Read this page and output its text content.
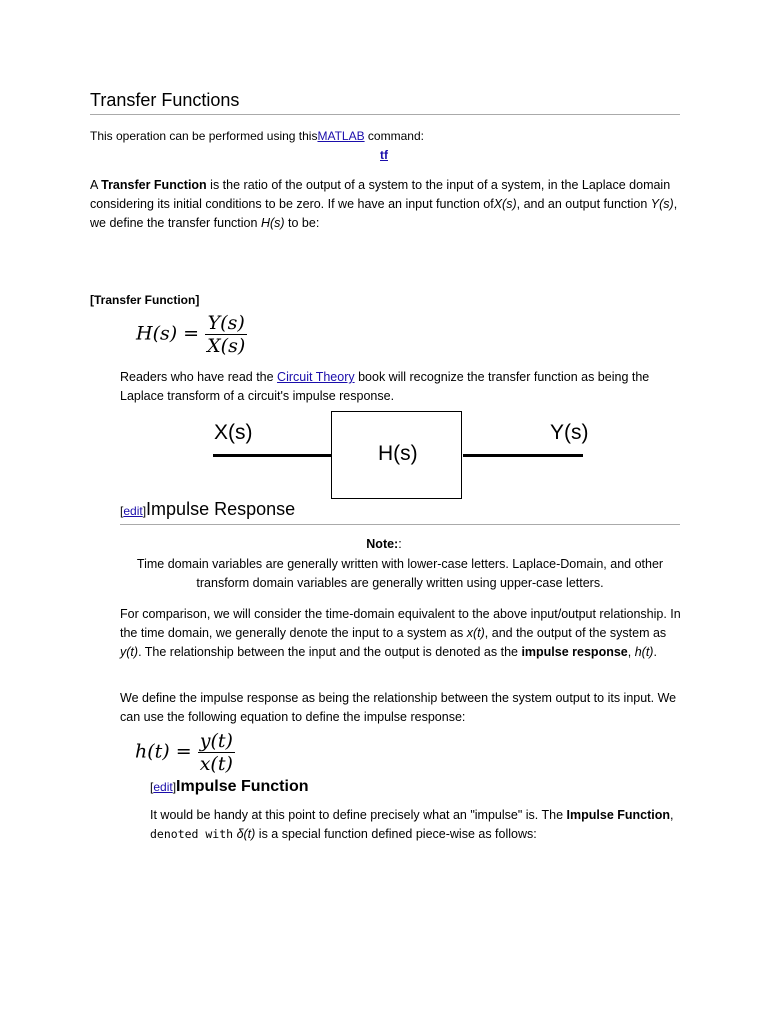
Transfer Functions
This operation can be performed using thisMATLAB command:
tf
A Transfer Function is the ratio of the output of a system to the input of a system, in the Laplace domain considering its initial conditions to be zero. If we have an input function ofX(s), and an output function Y(s), we define the transfer function H(s) to be:
[Transfer Function]
$H(s) = \frac{Y(s)}{X(s)}$
Readers who have read the Circuit Theory book will recognize the transfer function as being the Laplace transform of a circuit's impulse response.
X(s)
H(s)
Y(s)
[edit]Impulse Response
Note::
Time domain variables are generally written with lower-case letters. Laplace-Domain, and other transform domain variables are generally written using upper-case letters.
For comparison, we will consider the time-domain equivalent to the above input/output relationship. In the time domain, we generally denote the input to a system as x(t), and the output of the system as y(t). The relationship between the input and the output is denoted as the impulse response, h(t).
We define the impulse response as being the relationship between the system output to its input. We can use the following equation to define the impulse response:
$h(t) = \frac{y(t)}{x(t)}$
[edit]Impulse Function
It would be handy at this point to define precisely what an "impulse" is. The Impulse Function, denoted with δ(t) is a special function defined piece-wise as follows:
